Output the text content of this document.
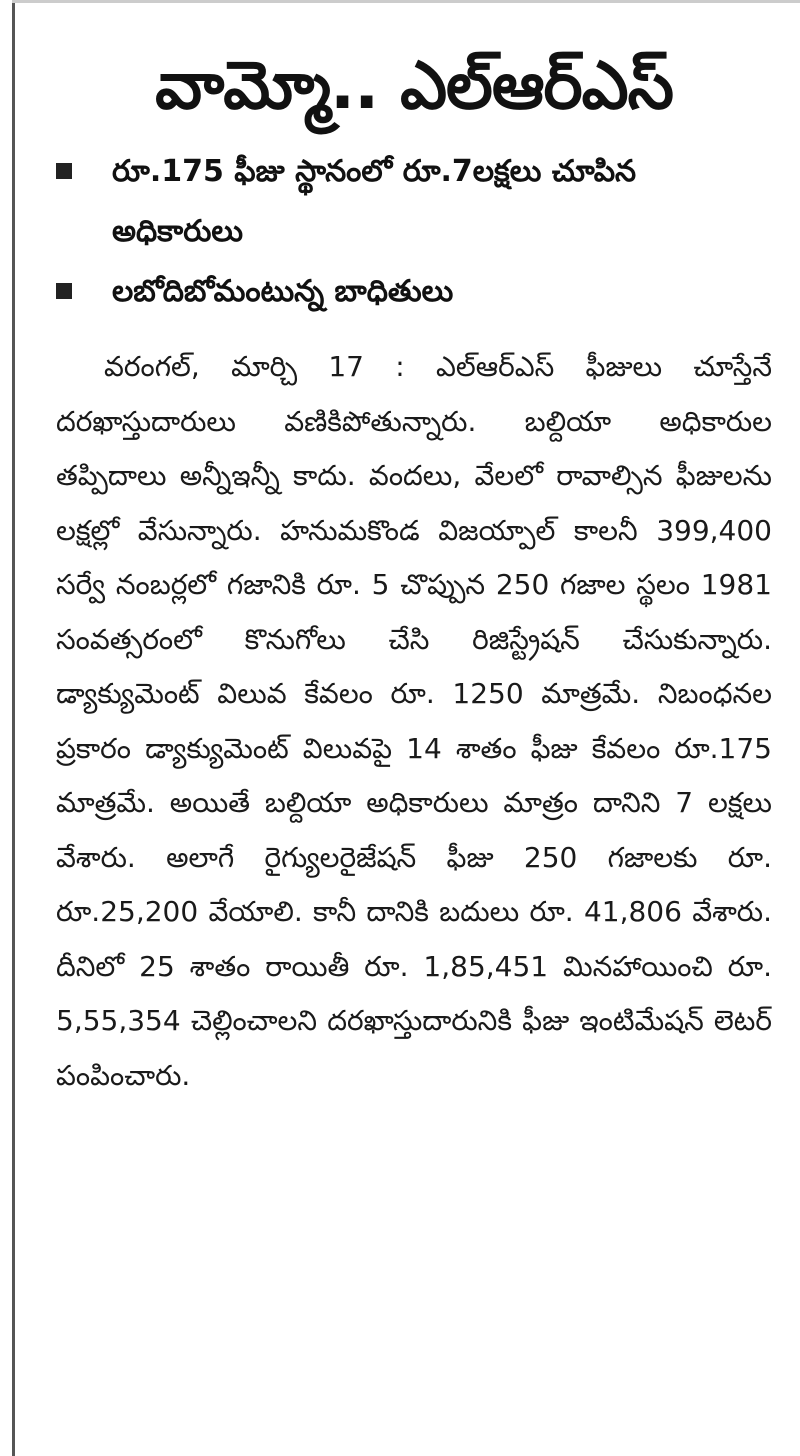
వామ్మో.. ఎల్ఆర్ఎస్
రూ.175 ఫీజు స్థానంలో రూ.7లక్షలు చూపిన అధికారులు
లబోదిబోమంటున్న బాధితులు

వరంగల్, మార్చి 17 : ఎల్ఆర్ఎస్ ఫీజులు చూస్తేనే దరఖాస్తుదారులు వణికిపోతున్నారు. బల్దియా అధికారుల తప్పిదాలు అన్నీఇన్నీ కాదు. వందలు, వేలలో రావాల్సిన ఫీజులను లక్షల్లో వేసున్నారు. హనుమకొండ విజయ్పాల్ కాలనీ 399,400 సర్వే నంబర్లలో గజానికి రూ. 5 చొప్పున 250 గజాల స్థలం 1981 సంవత్సరంలో కొనుగోలు చేసి రిజిస్ట్రేషన్ చేసుకున్నారు. డ్యాక్యుమెంట్ విలువ కేవలం రూ. 1250 మాత్రమే. నిబంధనల ప్రకారం డ్యాక్యుమెంట్ విలువపై 14 శాతం ఫీజు కేవలం రూ.175 మాత్రమే. అయితే బల్దియా అధికారులు మాత్రం దానిని 7 లక్షలు వేశారు. అలాగే రైగ్యులరైజేషన్ ఫీజు 250 గజాలకు రూ. రూ.25,200 వేయాలి. కానీ దానికి బదులు రూ. 41,806 వేశారు. దీనిలో 25 శాతం రాయితీ రూ. 1,85,451 మినహాయించి రూ. 5,55,354 చెల్లించాలని దరఖాస్తుదారునికి ఫీజు ఇంటిమేషన్ లెటర్ పంపించారు.
